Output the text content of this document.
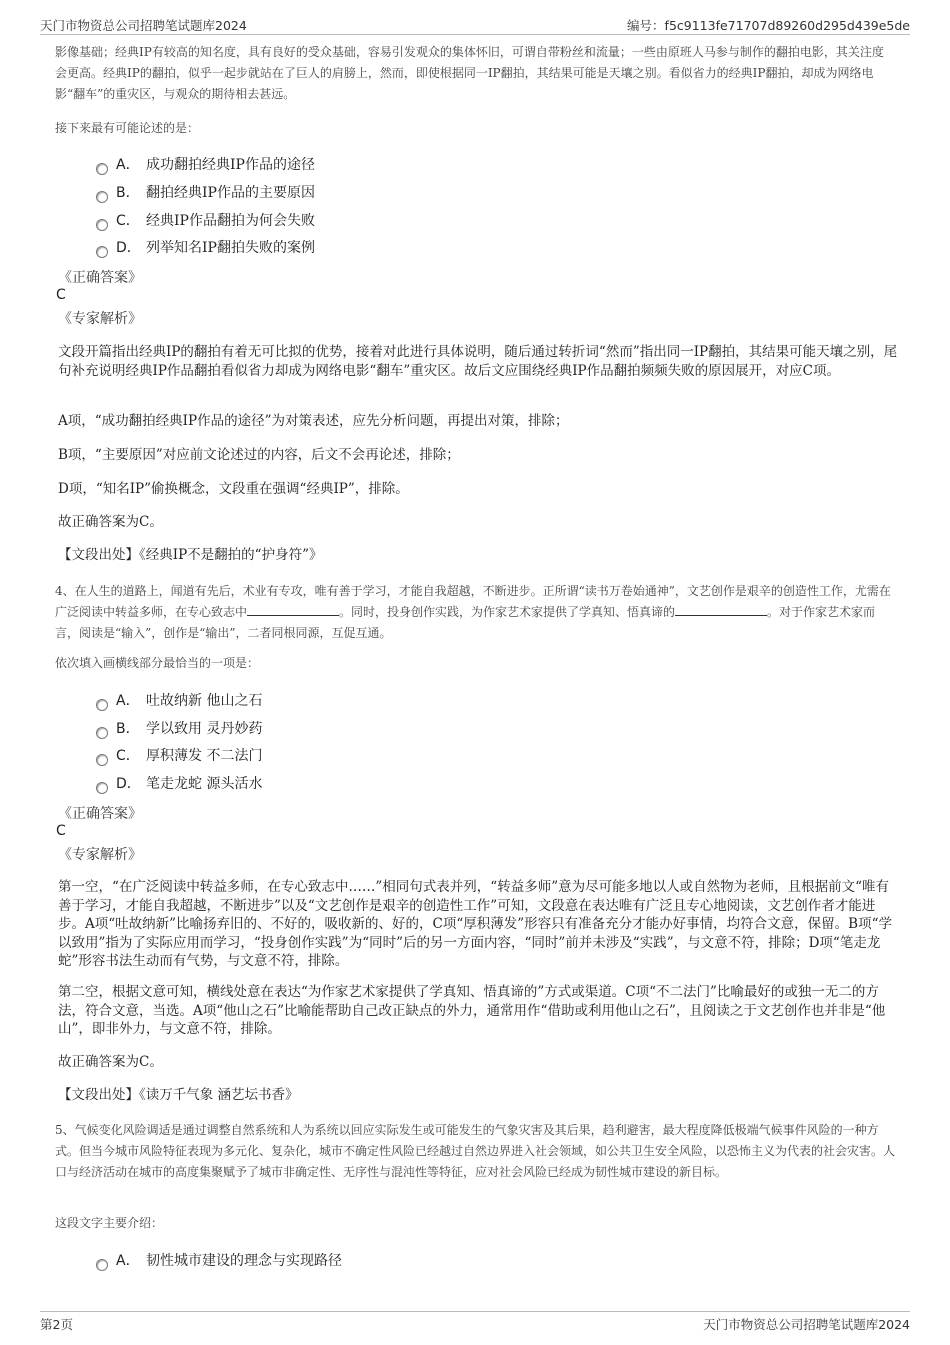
天门市物资总公司招聘笔试题库2024	编号：f5c9113fe71707d89260d295d439e5de
影像基础；经典IP有较高的知名度，具有良好的受众基础，容易引发观众的集体怀旧，可谓自带粉丝和流量；一些由原班人马参与制作的翻拍电影，其关注度会更高。经典IP的翻拍，似乎一起步就站在了巨人的肩膀上，然而，即使根据同一IP翻拍，其结果可能是天壤之别。看似省力的经典IP翻拍，却成为网络电影“翻车”的重灾区，与观众的期待相去甚远。
接下来最有可能论述的是：
A． 成功翻拍经典IP作品的途径
B． 翻拍经典IP作品的主要原因
C． 经典IP作品翻拍为何会失败
D． 列举知名IP翻拍失败的案例
《正确答案》
C
《专家解析》
文段开篇指出经典IP的翻拍有着无可比拟的优势，接着对此进行具体说明，随后通过转折词“然而”指出同一IP翻拍，其结果可能天壤之别，尾句补充说明经典IP作品翻拍看似省力却成为网络电影“翻车”重灾区。故后文应围绕经典IP作品翻拍频频失败的原因展开，对应C项。
A项，“成功翻拍经典IP作品的途径”为对策表述，应先分析问题，再提出对策，排除；
B项，“主要原因”对应前文论述过的内容，后文不会再论述，排除；
D项，“知名IP”偷换概念，文段重在强调“经典IP”，排除。
故正确答案为C。
【文段出处】《经典IP不是翻拍的“护身符”》
4、在人生的道路上，闻道有先后，术业有专攻，唯有善于学习，才能自我超越，不断进步。正所谓“读书万卷始通神”，文艺创作是艰辛的创造性工作，尤需在广泛阅读中转益多师，在专心致志中	。同时，投身创作实践，为作家艺术家提供了学真知、悟真谛的	。对于作家艺术家而言，阅读是“输入”，创作是“输出”，二者同根同源，互促互通。
依次填入画横线部分最恰当的一项是：
A． 吐故纳新 他山之石
B． 学以致用 灵丹妙药
C． 厚积薄发 不二法门
D． 笔走龙蛇 源头活水
《正确答案》
C
《专家解析》
第一空，“在广泛阅读中转益多师，在专心致志中……”相同句式表并列，“转益多师”意为尽可能多地以人或自然物为老师，且根据前文“唯有善于学习，才能自我超越，不断进步”以及“文艺创作是艰辛的创造性工作”可知，文段意在表达唯有广泛且专心地阅读，文艺创作者才能进步。A项“吐故纳新”比喻扬弃旧的、不好的，吸收新的、好的，C项“厚积薄发”形容只有准备充分才能办好事情，均符合文意，保留。B项“学以致用”指为了实际应用而学习，“投身创作实践”为“同时”后的另一方面内容，“同时”前并未涉及“实践”，与文意不符，排除；D项“笔走龙蛇”形容书法生动而有气势，与文意不符，排除。
第二空，根据文意可知，横线处意在表达“为作家艺术家提供了学真知、悟真谛的”方式或渠道。C项“不二法门”比喻最好的或独一无二的方法，符合文意，当选。A项“他山之石”比喻能帮助自己改正缺点的外力，通常用作“借助或利用他山之石”，且阅读之于文艺创作也并非是“他山”，即非外力，与文意不符，排除。
故正确答案为C。
【文段出处】《读万千气象 涵艺坛书香》
5、气候变化风险调适是通过调整自然系统和人为系统以回应实际发生或可能发生的气象灾害及其后果，趋利避害，最大程度降低极端气候事件风险的一种方式。但当今城市风险特征表现为多元化、复杂化，城市不确定性风险已经越过自然边界进入社会领域，如公共卫生安全风险，以恐怖主义为代表的社会灾害。人口与经济活动在城市的高度集聚赋予了城市非确定性、无序性与混沌性等特征，应对社会风险已经成为韧性城市建设的新目标。
这段文字主要介绍：
A． 韧性城市建设的理念与实现路径
第2页	天门市物资总公司招聘笔试题库2024
